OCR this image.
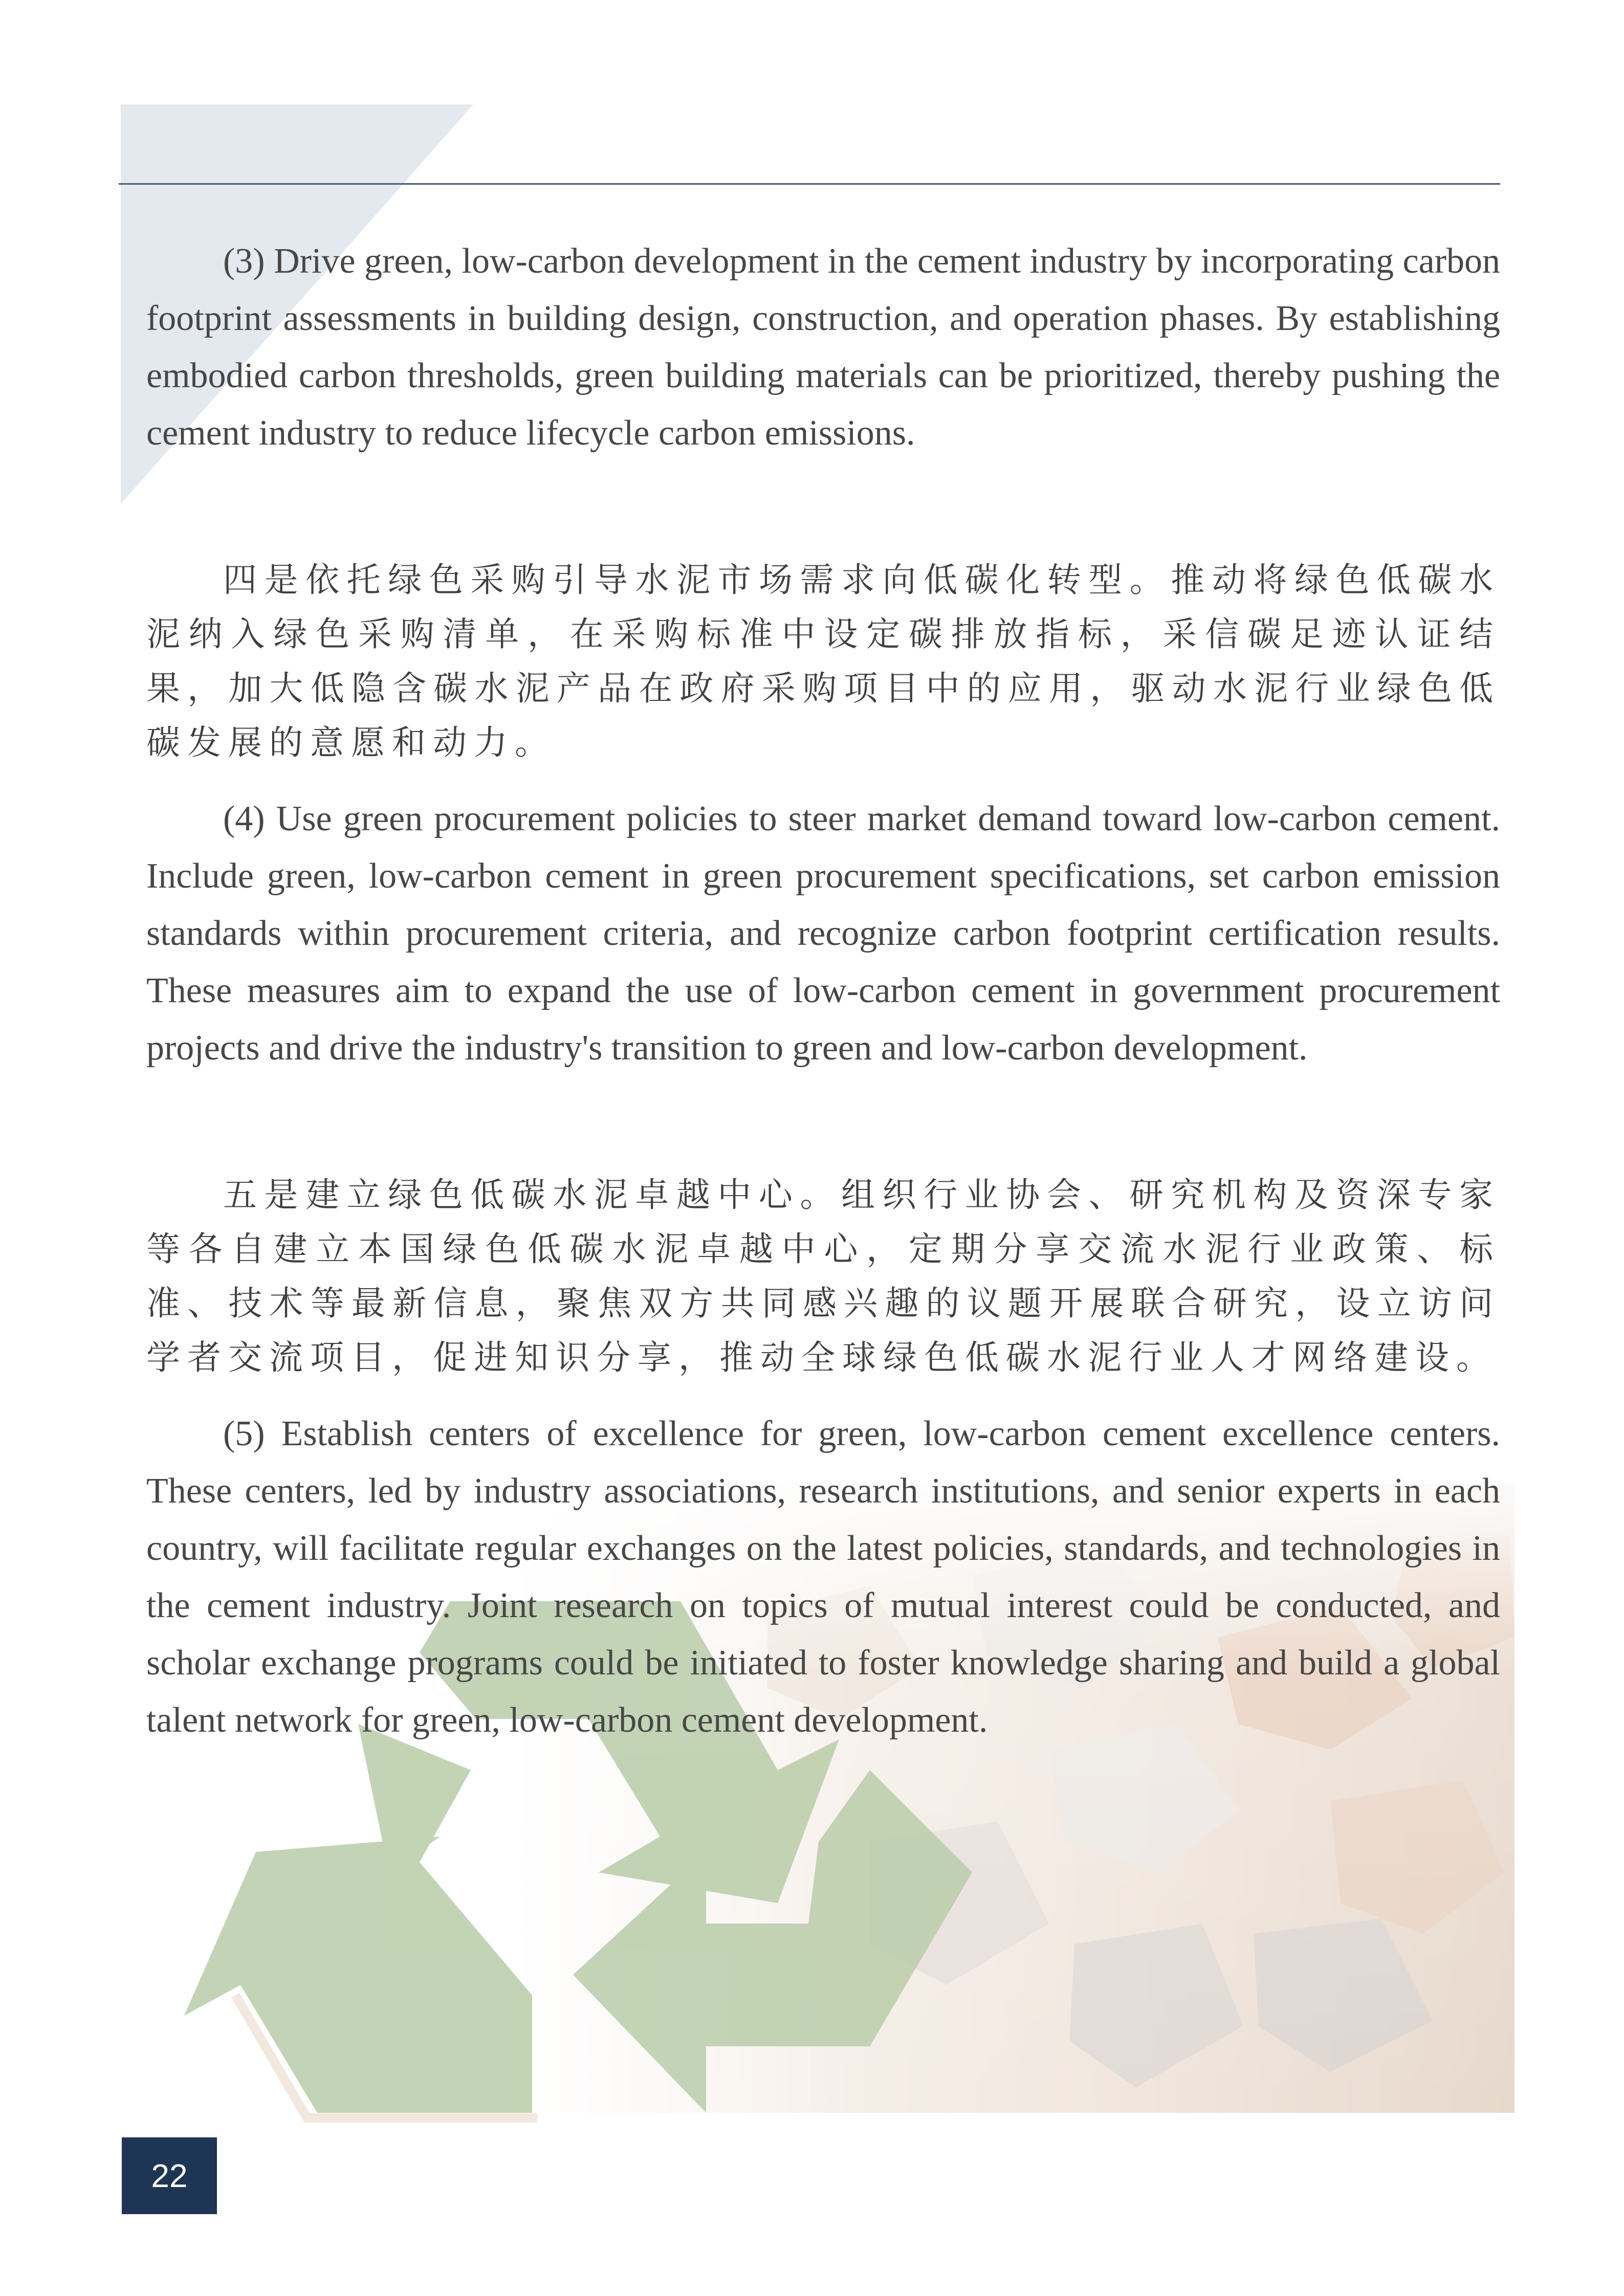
(3) Drive green, low-carbon development in the cement industry by incorporating carbon footprint assessments in building design, construction, and operation phases. By establishing embodied carbon thresholds, green building materials can be prioritized, thereby pushing the cement industry to reduce lifecycle carbon emissions.

四是依托绿色采购引导水泥市场需求向低碳化转型。推动将绿色低碳水泥纳入绿色采购清单，在采购标准中设定碳排放指标，采信碳足迹认证结果，加大低隐含碳水泥产品在政府采购项目中的应用，驱动水泥行业绿色低碳发展的意愿和动力。

(4) Use green procurement policies to steer market demand toward low-carbon cement. Include green, low-carbon cement in green procurement specifications, set carbon emission standards within procurement criteria, and recognize carbon footprint certification results. These measures aim to expand the use of low-carbon cement in government procurement projects and drive the industry's transition to green and low-carbon development.

五是建立绿色低碳水泥卓越中心。组织行业协会、研究机构及资深专家等各自建立本国绿色低碳水泥卓越中心，定期分享交流水泥行业政策、标准、技术等最新信息，聚焦双方共同感兴趣的议题开展联合研究，设立访问学者交流项目，促进知识分享，推动全球绿色低碳水泥行业人才网络建设。

(5) Establish centers of excellence for green, low-carbon cement excellence centers. These centers, led by industry associations, research institutions, and senior experts in each country, will facilitate regular exchanges on the latest policies, standards, and technologies in the cement industry. Joint research on topics of mutual interest could be conducted, and scholar exchange programs could be initiated to foster knowledge sharing and build a global talent network for green, low-carbon cement development.

22
